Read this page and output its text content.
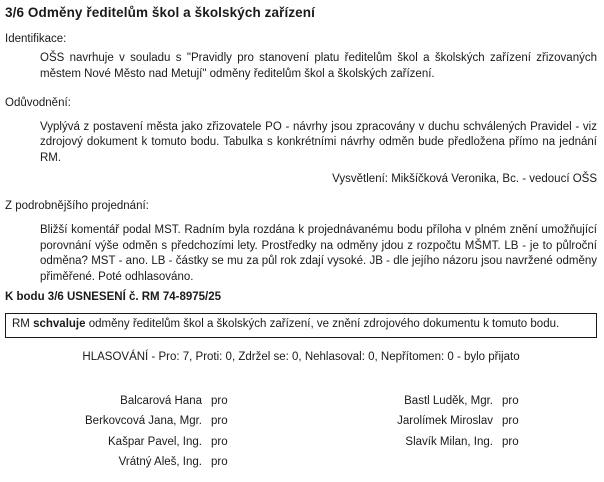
3/6 Odměny ředitelům škol a školských zařízení
Identifikace:

OŠS navrhuje v souladu s "Pravidly pro stanovení platu ředitelům škol a školských zařízení zřizovaných městem Nové Město nad Metují" odměny ředitelům škol a školských zařízení.

Odůvodnění:

Vyplývá z postavení města jako zřizovatele PO - návrhy jsou zpracovány v duchu schválených Pravidel - viz zdrojový dokument k tomuto bodu. Tabulka s konkrétními návrhy odměn bude předložena přímo na jednání RM.

Vysvětlení: Mikšíčková Veronika, Bc. - vedoucí OŠS
Z podrobnějšího projednání:

Bližší komentář podal MST. Radním byla rozdána k projednávanému bodu příloha v plném znění umožňující porovnání výše odměn s předchozími lety. Prostředky na odměny jdou z rozpočtu MŠMT. LB - je to půlroční odměna? MST - ano. LB - částky se mu za půl rok zdají vysoké. JB - dle jejího názoru jsou navržené odměny přiměřené. Poté odhlasováno.

K bodu 3/6 USNESENÍ č. RM 74-8975/25
RM schvaluje odměny ředitelům škol a školských zařízení, ve znění zdrojového dokumentu k tomuto bodu.
HLASOVÁNÍ - Pro: 7, Proti: 0, Zdržel se: 0, Nehlasoval: 0, Nepřítomen: 0 - bylo přijato
Balcarová Hana pro
Berkovcová Jana, Mgr. pro
Kašpar Pavel, Ing. pro
Vrátný Aleš, Ing. pro
Bastl Luděk, Mgr. pro
Jarolímek Miroslav pro
Slavík Milan, Ing. pro
